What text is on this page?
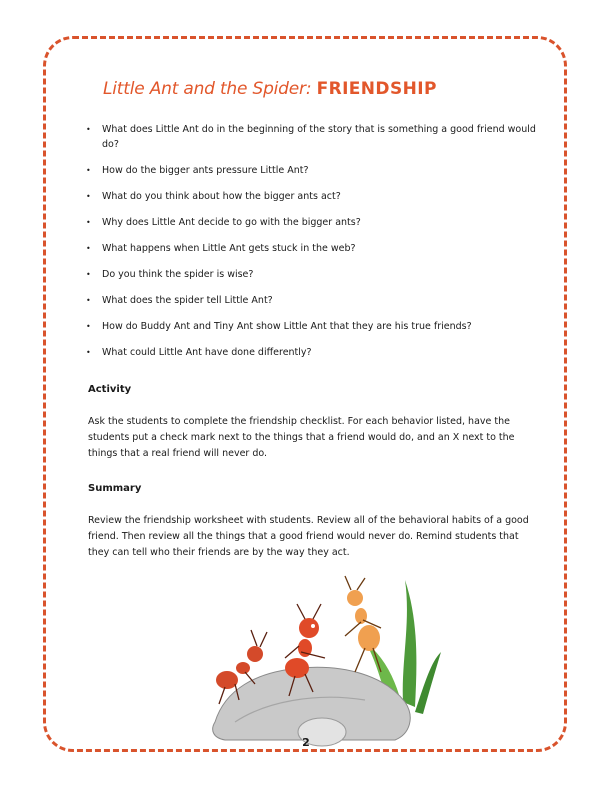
Little Ant and the Spider: FRIENDSHIP
• What does Little Ant do in the beginning of the story that is something a good friend would do?
• How do the bigger ants pressure Little Ant?
• What do you think about how the bigger ants act?
• Why does Little Ant decide to go with the bigger ants?
• What happens when Little Ant gets stuck in the web?
• Do you think the spider is wise?
• What does the spider tell Little Ant?
• How do Buddy Ant and Tiny Ant show Little Ant that they are his true friends?
• What could Little Ant have done differently?
Activity

Ask the students to complete the friendship checklist. For each behavior listed, have the students put a check mark next to the things that a friend would do, and an X next to the things that a real friend will never do.

Summary

Review the friendship worksheet with students. Review all of the behavioral habits of a good friend. Then review all the things that a good friend would never do. Remind students that they can tell who their friends are by the way they act.

2
